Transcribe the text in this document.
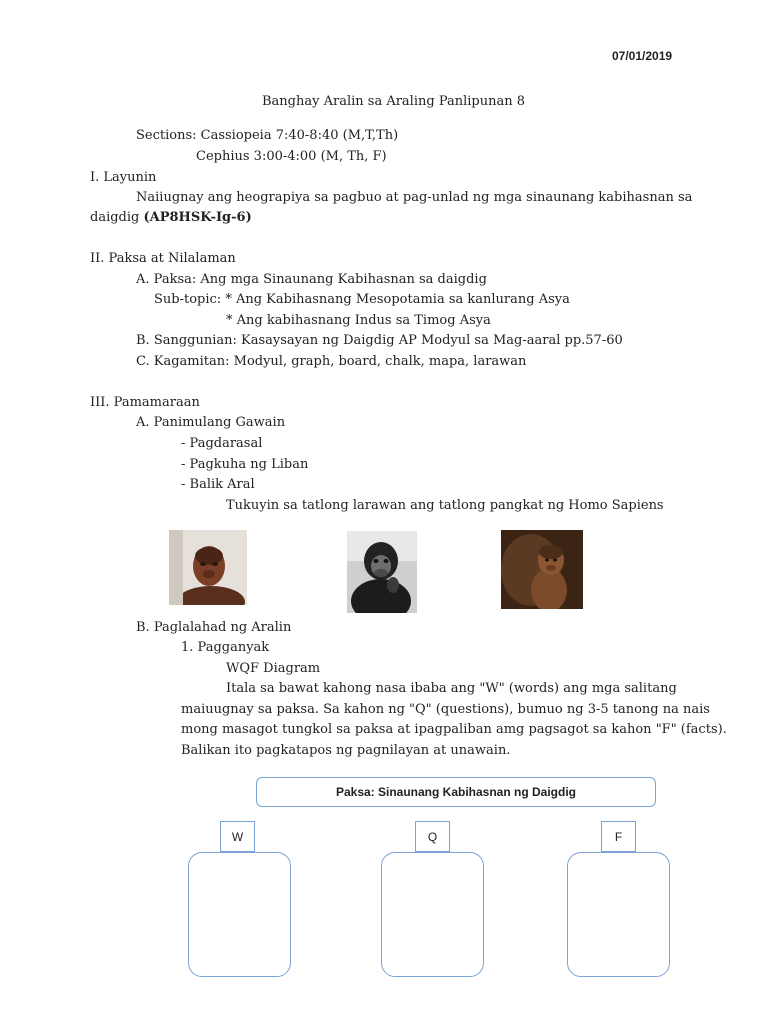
07/01/2019
Banghay Aralin sa Araling Panlipunan 8
Sections: Cassiopeia 7:40-8:40 (M,T,Th)
Cephius 3:00-4:00 (M, Th, F)
I. Layunin
Naiiugnay ang heograpiya sa pagbuo at pag-unlad ng mga sinaunang kabihasnan sa
daigdig (AP8HSK-Ig-6)
II. Paksa at Nilalaman
A. Paksa: Ang mga Sinaunang Kabihasnan sa daigdig
Sub-topic: * Ang Kabihasnang Mesopotamia sa kanlurang Asya
* Ang kabihasnang Indus sa Timog Asya
B. Sanggunian: Kasaysayan ng Daigdig AP Modyul sa Mag-aaral pp.57-60
C. Kagamitan: Modyul, graph, board, chalk, mapa, larawan
III. Pamamaraan
A. Panimulang Gawain
- Pagdarasal
- Pagkuha ng Liban
- Balik Aral
Tukuyin sa tatlong larawan ang tatlong pangkat ng Homo Sapiens
B. Paglalahad ng Aralin
1. Pagganyak
WQF Diagram
Itala sa bawat kahong nasa ibaba ang "W" (words) ang mga salitang
maiuugnay sa paksa. Sa kahon ng "Q" (questions), bumuo ng 3-5 tanong na nais
mong masagot tungkol sa paksa at ipagpaliban amg pagsagot sa kahon "F" (facts).
Balikan ito pagkatapos ng pagnilayan at unawain.
Paksa: Sinaunang Kabihasnan ng Daigdig
W	Q	F
